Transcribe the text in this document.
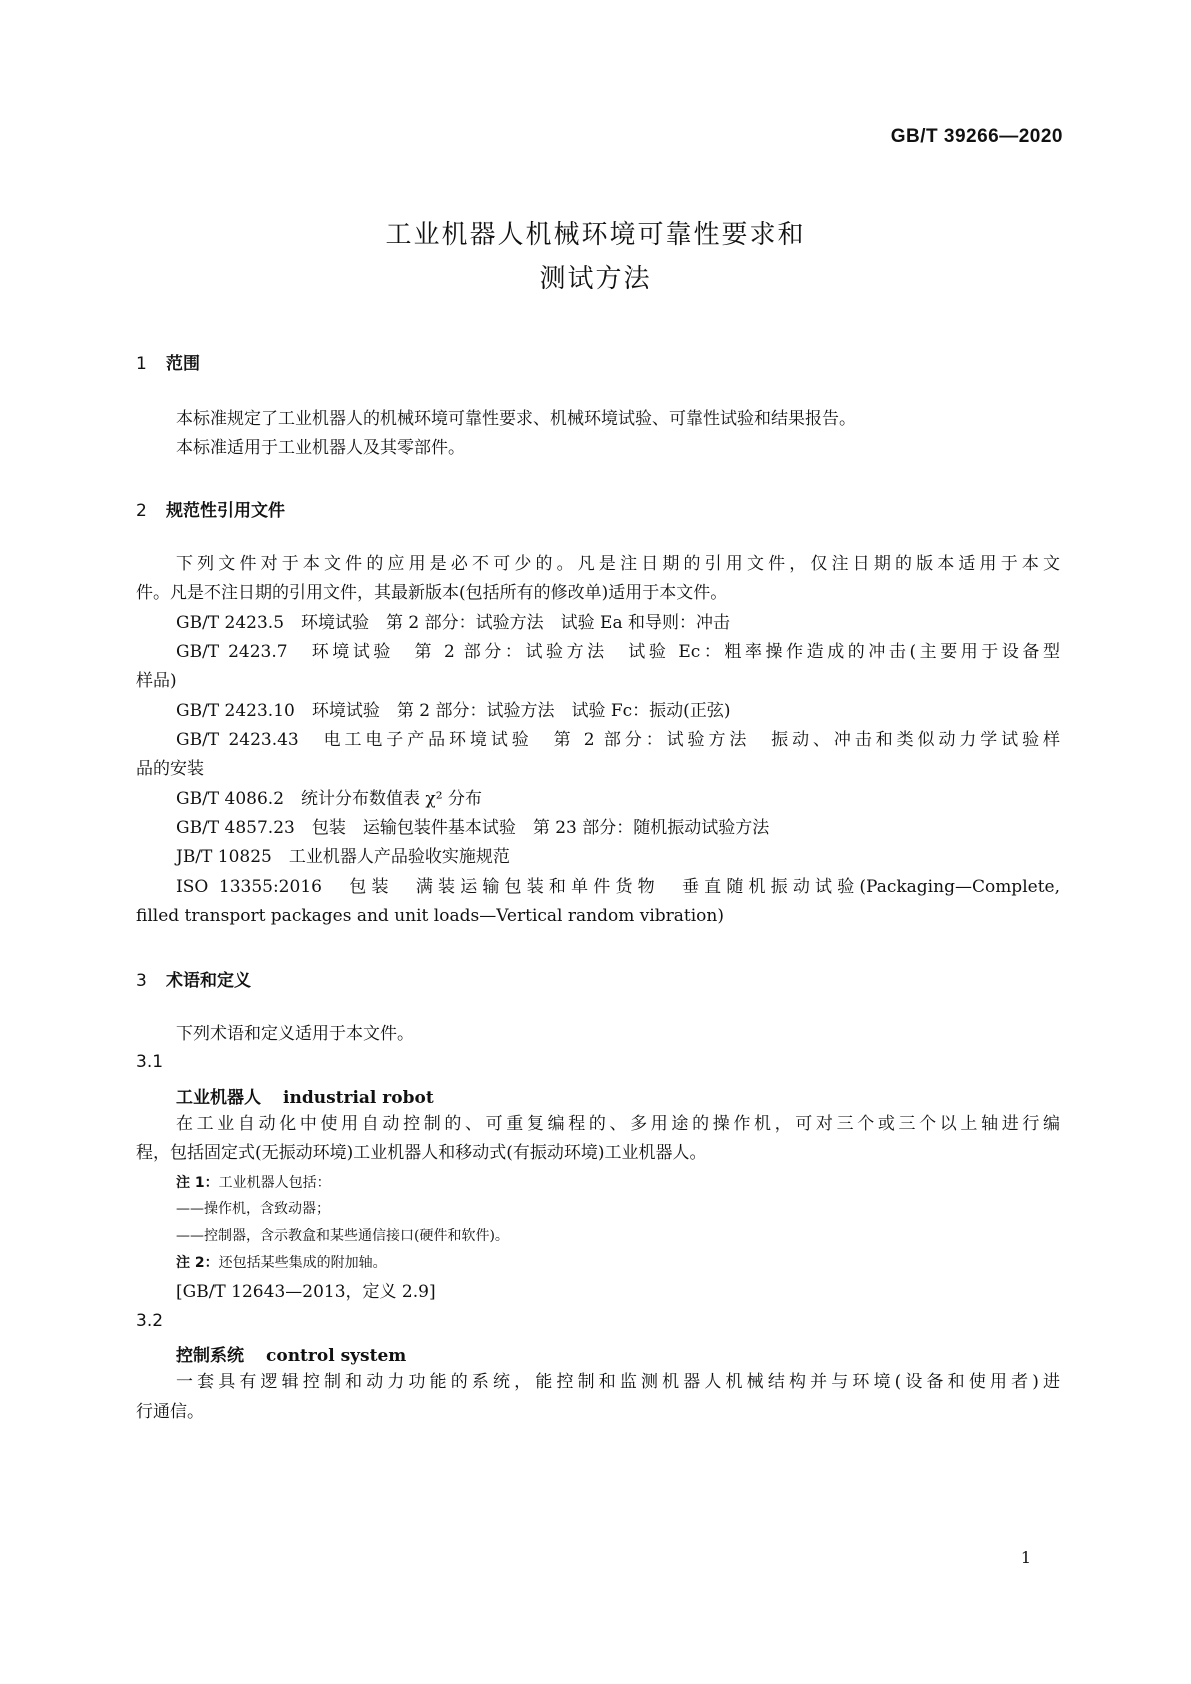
GB/T 39266—2020
工业机器人机械环境可靠性要求和
测试方法
1 范围
本标准规定了工业机器人的机械环境可靠性要求、机械环境试验、可靠性试验和结果报告。
本标准适用于工业机器人及其零部件。
2 规范性引用文件
下列文件对于本文件的应用是必不可少的。凡是注日期的引用文件，仅注日期的版本适用于本文
件。凡是不注日期的引用文件，其最新版本(包括所有的修改单)适用于本文件。
GB/T 2423.5　环境试验　第 2 部分：试验方法　试验 Ea 和导则：冲击
GB/T 2423.7　环境试验　第 2 部分：试验方法　试验 Ec：粗率操作造成的冲击(主要用于设备型
样品)
GB/T 2423.10　环境试验　第 2 部分：试验方法　试验 Fc：振动(正弦)
GB/T 2423.43　电工电子产品环境试验　第 2 部分：试验方法　振动、冲击和类似动力学试验样
品的安装
GB/T 4086.2　统计分布数值表 χ² 分布
GB/T 4857.23　包装　运输包装件基本试验　第 23 部分：随机振动试验方法
JB/T 10825　工业机器人产品验收实施规范
ISO 13355:2016　包装　满装运输包装和单件货物　垂直随机振动试验(Packaging—Complete,
filled transport packages and unit loads—Vertical random vibration)
3 术语和定义
下列术语和定义适用于本文件。
3.1
工业机器人 industrial robot
在工业自动化中使用自动控制的、可重复编程的、多用途的操作机，可对三个或三个以上轴进行编
程，包括固定式(无振动环境)工业机器人和移动式(有振动环境)工业机器人。
注 1：工业机器人包括：
——操作机，含致动器；
——控制器，含示教盒和某些通信接口(硬件和软件)。
注 2：还包括某些集成的附加轴。
[GB/T 12643—2013，定义 2.9]
3.2
控制系统 control system
一套具有逻辑控制和动力功能的系统，能控制和监测机器人机械结构并与环境(设备和使用者)进
行通信。
1
